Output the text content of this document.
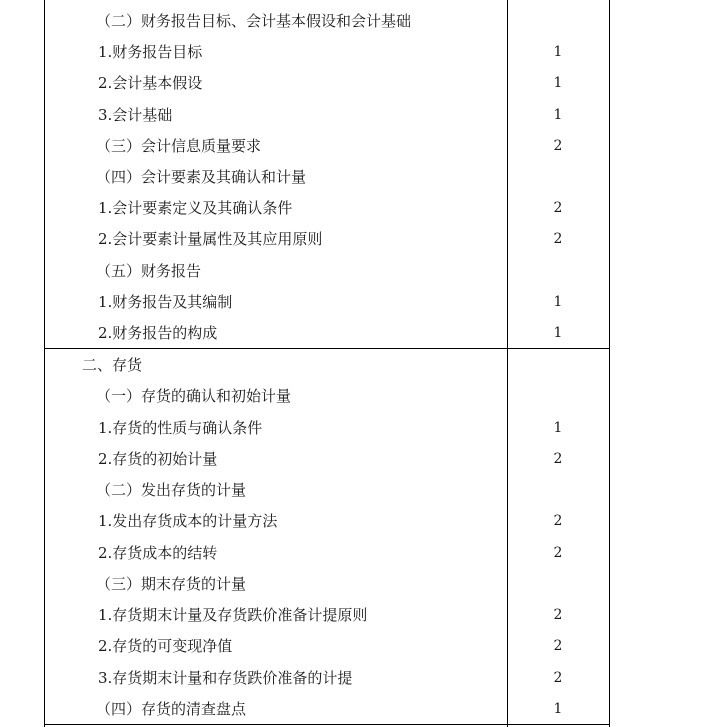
（二）财务报告目标、会计基本假设和会计基础
1.财务报告目标	1
2.会计基本假设	1
3.会计基础	1
（三）会计信息质量要求	2
（四）会计要素及其确认和计量
1.会计要素定义及其确认条件	2
2.会计要素计量属性及其应用原则	2
（五）财务报告
1.财务报告及其编制	1
2.财务报告的构成	1
二、存货
（一）存货的确认和初始计量
1.存货的性质与确认条件	1
2.存货的初始计量	2
（二）发出存货的计量
1.发出存货成本的计量方法	2
2.存货成本的结转	2
（三）期末存货的计量
1.存货期末计量及存货跌价准备计提原则	2
2.存货的可变现净值	2
3.存货期末计量和存货跌价准备的计提	2
（四）存货的清查盘点	1
